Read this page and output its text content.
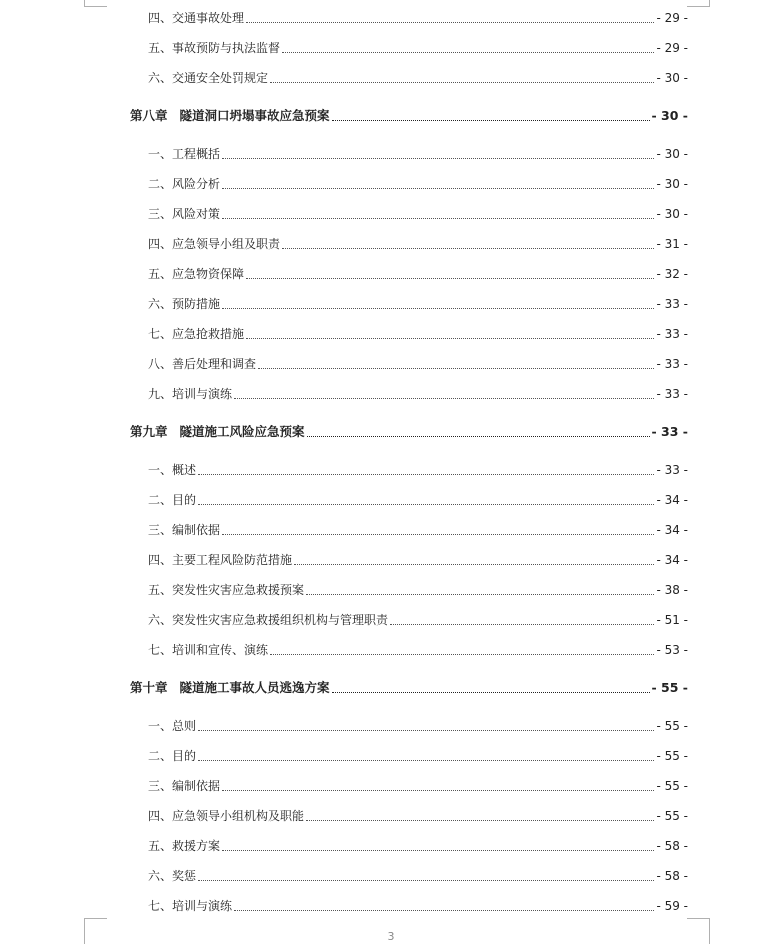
四、交通事故处理	- 29 -
五、事故预防与执法监督	- 29 -
六、交通安全处罚规定	- 30 -
第八章 隧道洞口坍塌事故应急预案	- 30 -
一、工程概括	- 30 -
二、风险分析	- 30 -
三、风险对策	- 30 -
四、应急领导小组及职责	- 31 -
五、应急物资保障	- 32 -
六、预防措施	- 33 -
七、应急抢救措施	- 33 -
八、善后处理和调查	- 33 -
九、培训与演练	- 33 -
第九章 隧道施工风险应急预案	- 33 -
一、概述	- 33 -
二、目的	- 34 -
三、编制依据	- 34 -
四、主要工程风险防范措施	- 34 -
五、突发性灾害应急救援预案	- 38 -
六、突发性灾害应急救援组织机构与管理职责	- 51 -
七、培训和宣传、演练	- 53 -
第十章 隧道施工事故人员逃逸方案	- 55 -
一、总则	- 55 -
二、目的	- 55 -
三、编制依据	- 55 -
四、应急领导小组机构及职能	- 55 -
五、救援方案	- 58 -
六、奖惩	- 58 -
七、培训与演练	- 59 -
3
